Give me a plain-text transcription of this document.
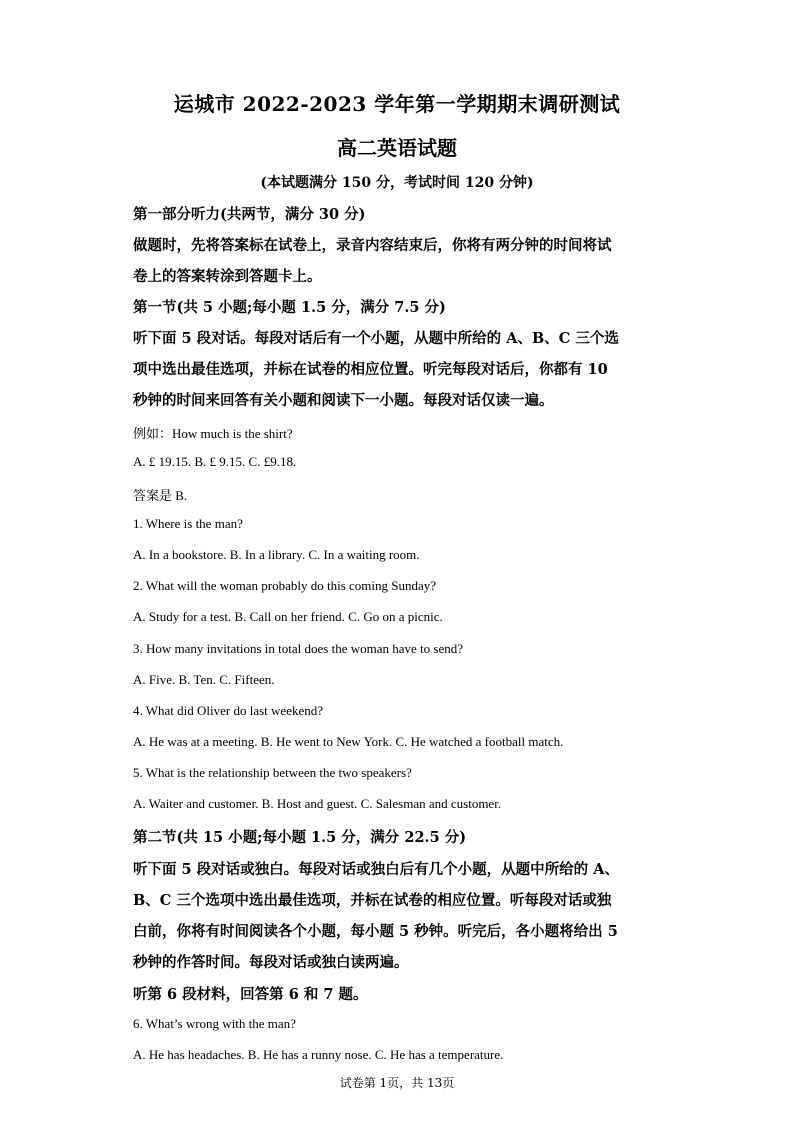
运城市 2022-2023 学年第一学期期末调研测试
高二英语试题
(本试题满分 150 分，考试时间 120 分钟)
第一部分听力(共两节，满分 30 分)
做题时，先将答案标在试卷上，录音内容结束后，你将有两分钟的时间将试
卷上的答案转涂到答题卡上。
第一节(共 5 小题;每小题 1.5 分，满分 7.5 分)
听下面 5 段对话。每段对话后有一个小题，从题中所给的 A、B、C 三个选
项中选出最佳选项，并标在试卷的相应位置。听完每段对话后，你都有 10
秒钟的时间来回答有关小题和阅读下一小题。每段对话仅读一遍。
例如：How much is the shirt?
A. £ 19.15. B. £ 9.15. C. £9.18.
答案是 B.
1. Where is the man?
A. In a bookstore. B. In a library. C. In a waiting room.
2. What will the woman probably do this coming Sunday?
A. Study for a test. B. Call on her friend. C. Go on a picnic.
3. How many invitations in total does the woman have to send?
A. Five. B. Ten. C. Fifteen.
4. What did Oliver do last weekend?
A. He was at a meeting. B. He went to New York. C. He watched a football match.
5. What is the relationship between the two speakers?
A. Waiter and customer. B. Host and guest. C. Salesman and customer.
第二节(共 15 小题;每小题 1.5 分，满分 22.5 分)
听下面 5 段对话或独白。每段对话或独白后有几个小题，从题中所给的 A、
B、C 三个选项中选出最佳选项，并标在试卷的相应位置。听每段对话或独
白前，你将有时间阅读各个小题，每小题 5 秒钟。听完后，各小题将给出 5
秒钟的作答时间。每段对话或独白读两遍。
听第 6 段材料，回答第 6 和 7 题。
6. What’s wrong with the man?
A. He has headaches. B. He has a runny nose. C. He has a temperature.
试卷第 1页，共 13页
